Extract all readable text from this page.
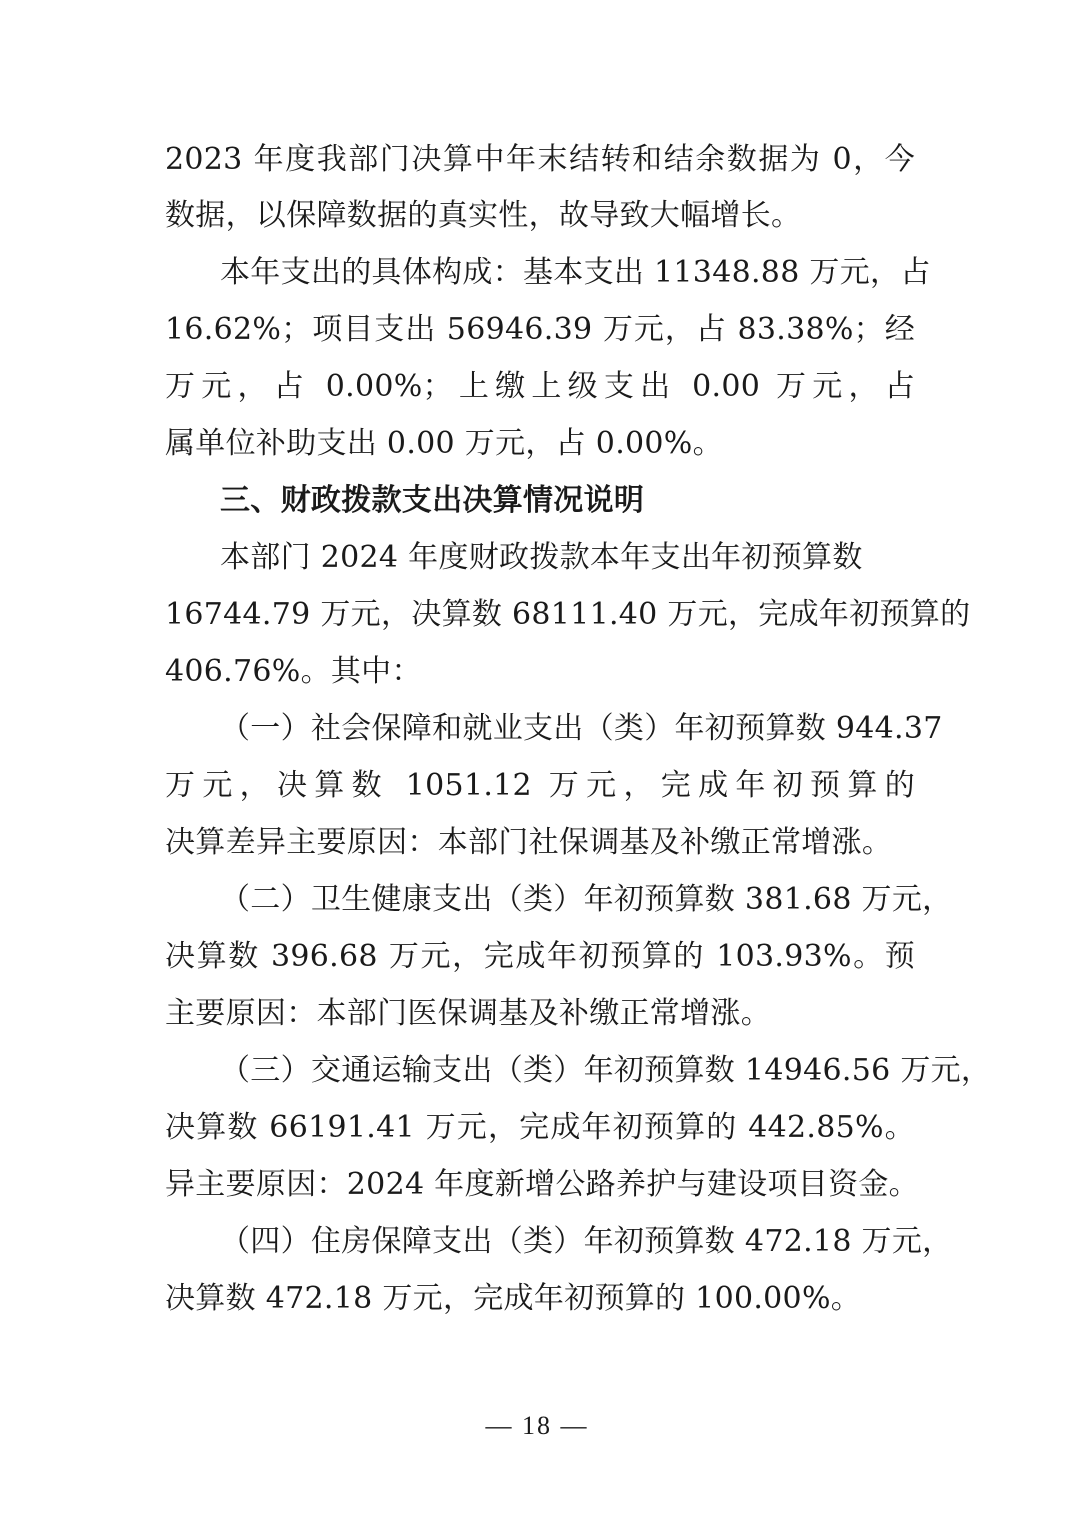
2023 年度我部门决算中年末结转和结余数据为 0，今
数据，以保障数据的真实性，故导致大幅增长。
本年支出的具体构成：基本支出 11348.88 万元，占
16.62%；项目支出 56946.39 万元，占 83.38%；经
万元，占 0.00%；上缴上级支出 0.00 万元，占
属单位补助支出 0.00 万元，占 0.00%。
三、财政拨款支出决算情况说明
本部门 2024 年度财政拨款本年支出年初预算数
16744.79 万元，决算数 68111.40 万元，完成年初预算的
406.76%。其中：
（一）社会保障和就业支出（类）年初预算数 944.37
万元，决算数 1051.12 万元，完成年初预算的
决算差异主要原因：本部门社保调基及补缴正常增涨。
（二）卫生健康支出（类）年初预算数 381.68 万元，
决算数 396.68 万元，完成年初预算的 103.93%。预
主要原因：本部门医保调基及补缴正常增涨。
（三）交通运输支出（类）年初预算数 14946.56 万元，
决算数 66191.41 万元，完成年初预算的 442.85%。
异主要原因：2024 年度新增公路养护与建设项目资金。
（四）住房保障支出（类）年初预算数 472.18 万元，
决算数 472.18 万元，完成年初预算的 100.00%。
— 18 —
